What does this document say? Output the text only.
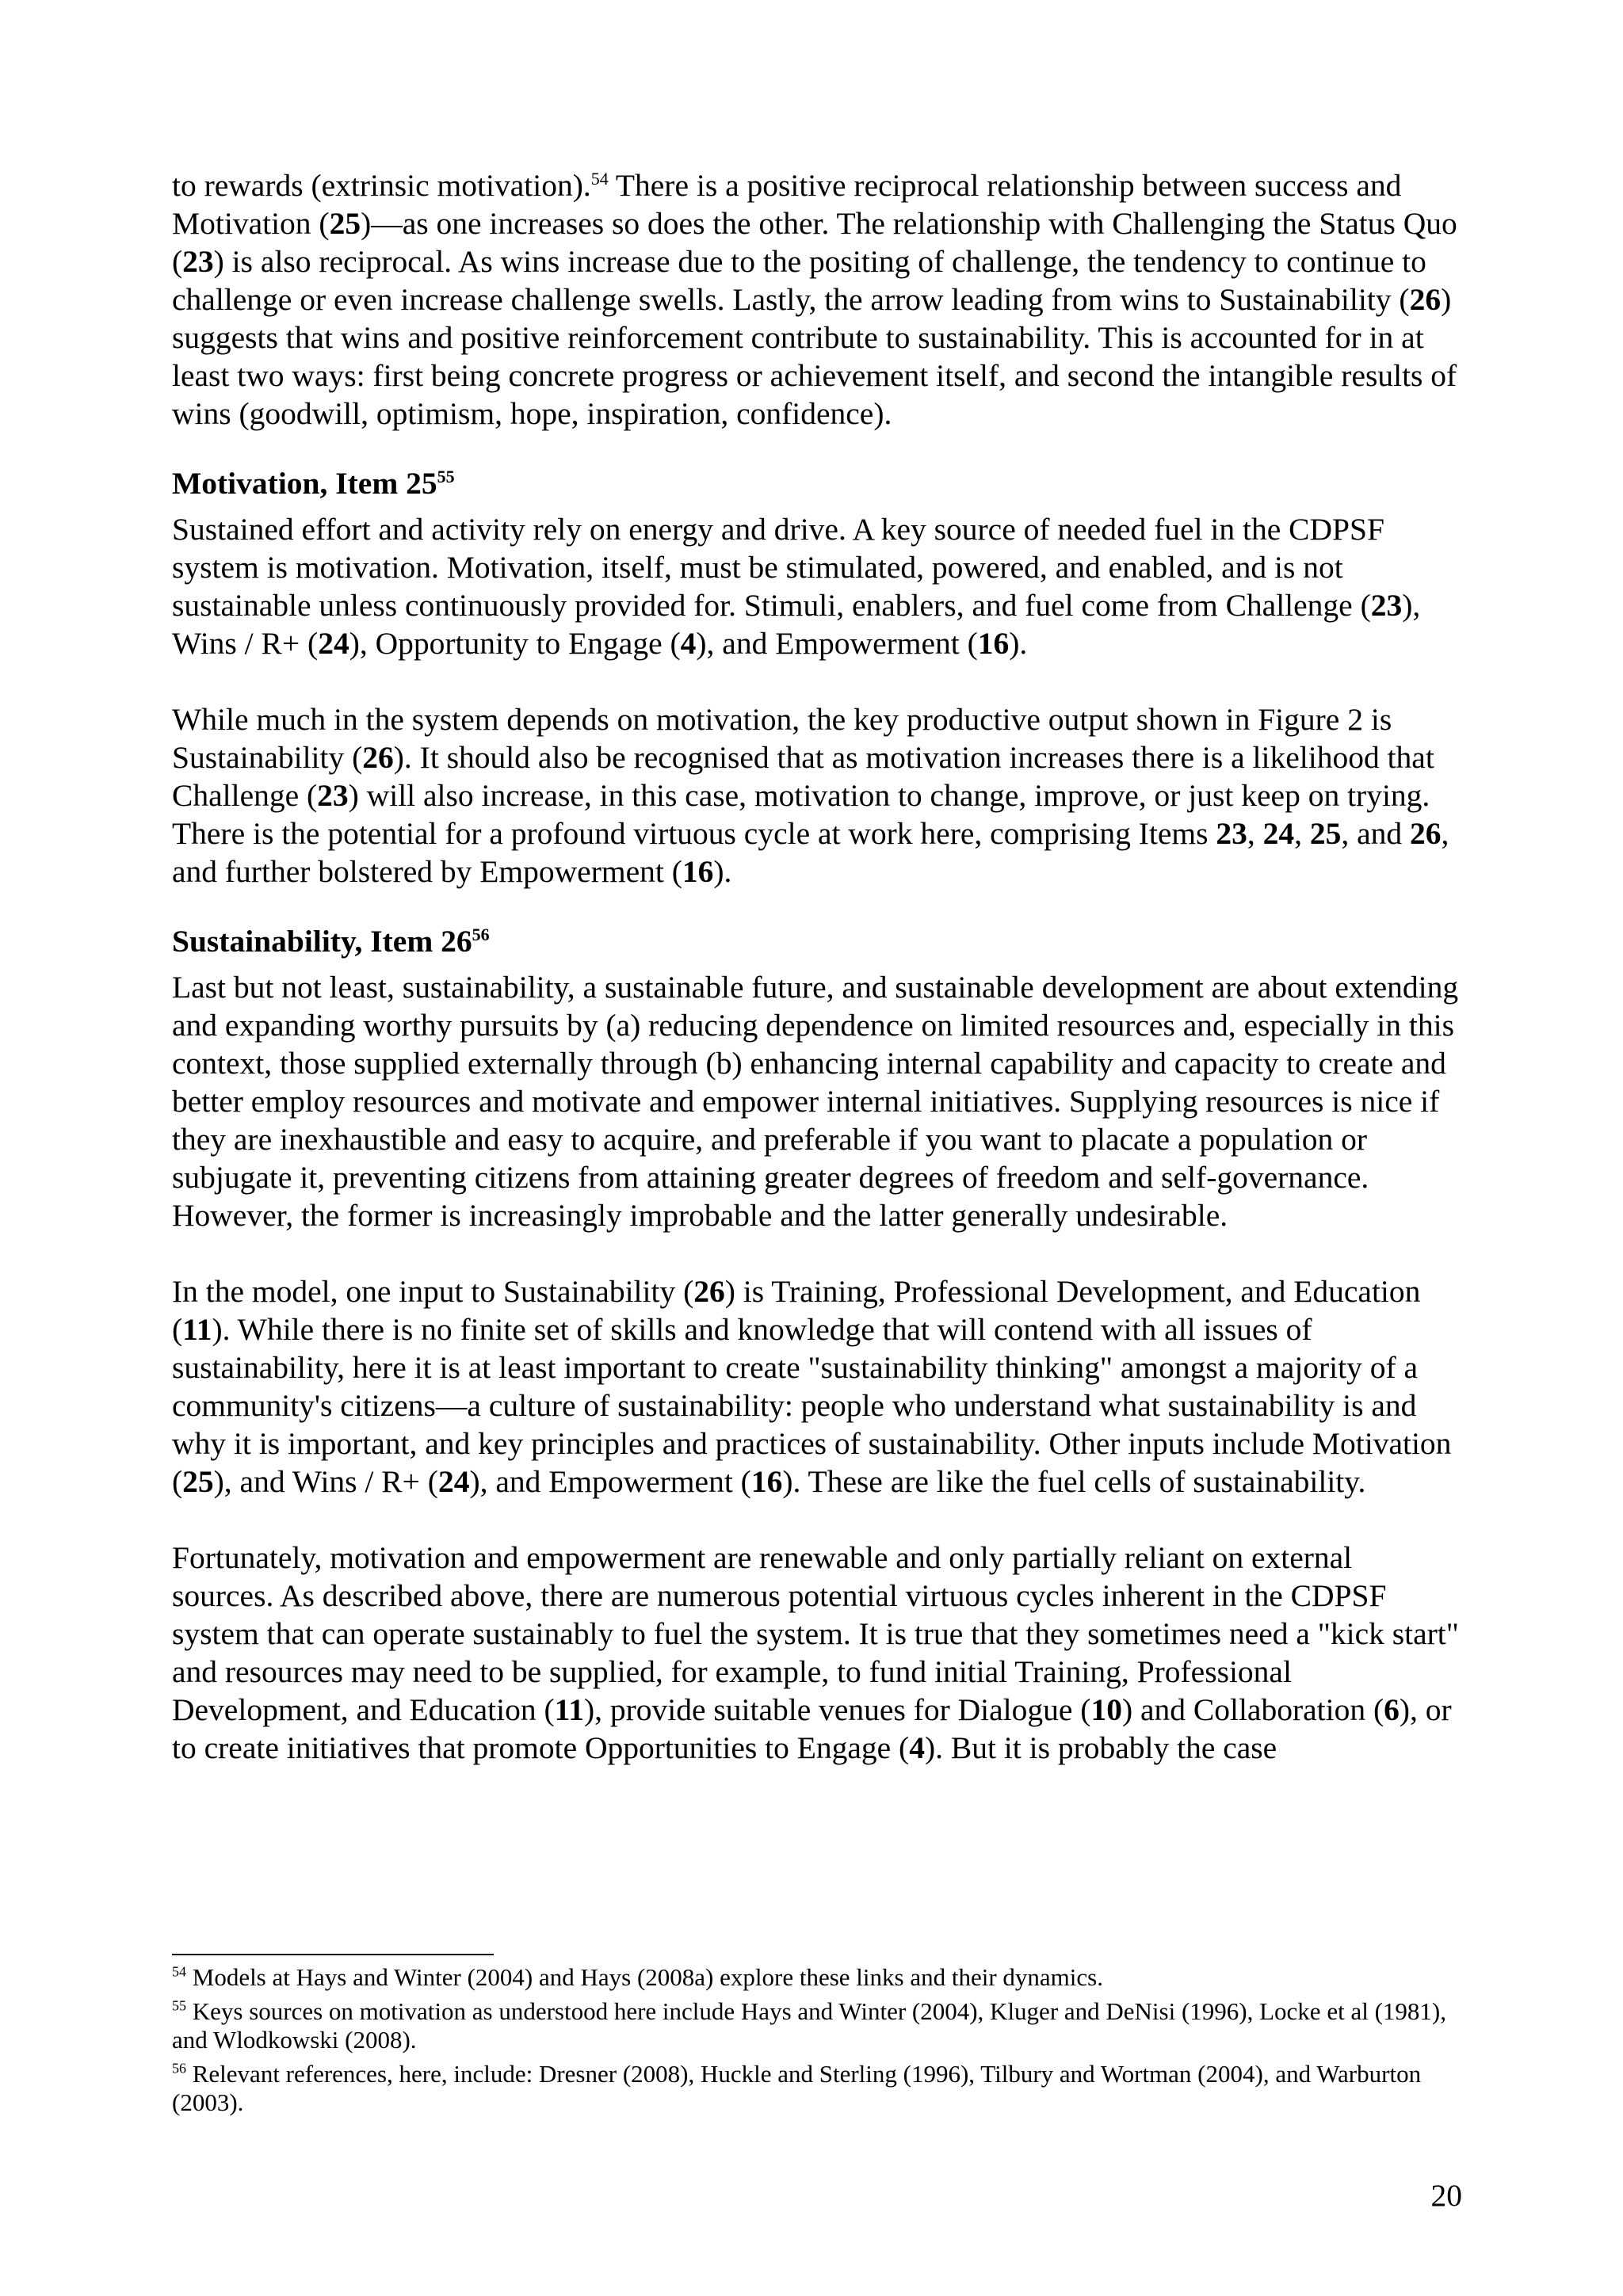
to rewards (extrinsic motivation).$^{54}$ There is a positive reciprocal relationship between success and Motivation (25)—as one increases so does the other. The relationship with Challenging the Status Quo (23) is also reciprocal. As wins increase due to the positing of challenge, the tendency to continue to challenge or even increase challenge swells. Lastly, the arrow leading from wins to Sustainability (26) suggests that wins and positive reinforcement contribute to sustainability. This is accounted for in at least two ways: first being concrete progress or achievement itself, and second the intangible results of wins (goodwill, optimism, hope, inspiration, confidence).

Motivation, Item $25^{55}$

Sustained effort and activity rely on energy and drive. A key source of needed fuel in the CDPSF system is motivation. Motivation, itself, must be stimulated, powered, and enabled, and is not sustainable unless continuously provided for. Stimuli, enablers, and fuel come from Challenge (23), Wins / R+ (24), Opportunity to Engage (4), and Empowerment (16).

While much in the system depends on motivation, the key productive output shown in Figure 2 is Sustainability (26). It should also be recognised that as motivation increases there is a likelihood that Challenge (23) will also increase, in this case, motivation to change, improve, or just keep on trying. There is the potential for a profound virtuous cycle at work here, comprising Items 23, 24, 25, and 26, and further bolstered by Empowerment (16).

Sustainability, Item $26^{56}$

Last but not least, sustainability, a sustainable future, and sustainable development are about extending and expanding worthy pursuits by (a) reducing dependence on limited resources and, especially in this context, those supplied externally through (b) enhancing internal capability and capacity to create and better employ resources and motivate and empower internal initiatives. Supplying resources is nice if they are inexhaustible and easy to acquire, and preferable if you want to placate a population or subjugate it, preventing citizens from attaining greater degrees of freedom and self-governance. However, the former is increasingly improbable and the latter generally undesirable.

In the model, one input to Sustainability (26) is Training, Professional Development, and Education (11). While there is no finite set of skills and knowledge that will contend with all issues of sustainability, here it is at least important to create "sustainability thinking" amongst a majority of a community's citizens—a culture of sustainability: people who understand what sustainability is and why it is important, and key principles and practices of sustainability. Other inputs include Motivation (25), and Wins / R+ (24), and Empowerment (16). These are like the fuel cells of sustainability.

Fortunately, motivation and empowerment are renewable and only partially reliant on external sources. As described above, there are numerous potential virtuous cycles inherent in the CDPSF system that can operate sustainably to fuel the system. It is true that they sometimes need a "kick start" and resources may need to be supplied, for example, to fund initial Training, Professional Development, and Education (11), provide suitable venues for Dialogue (10) and Collaboration (6), or to create initiatives that promote Opportunities to Engage (4). But it is probably the case

$^{54}$ Models at Hays and Winter (2004) and Hays (2008a) explore these links and their dynamics.

$^{55}$ Keys sources on motivation as understood here include Hays and Winter (2004), Kluger and DeNisi (1996), Locke et al (1981), and Wlodkowski (2008).

$^{56}$ Relevant references, here, include: Dresner (2008), Huckle and Sterling (1996), Tilbury and Wortman (2004), and Warburton (2003).

20
